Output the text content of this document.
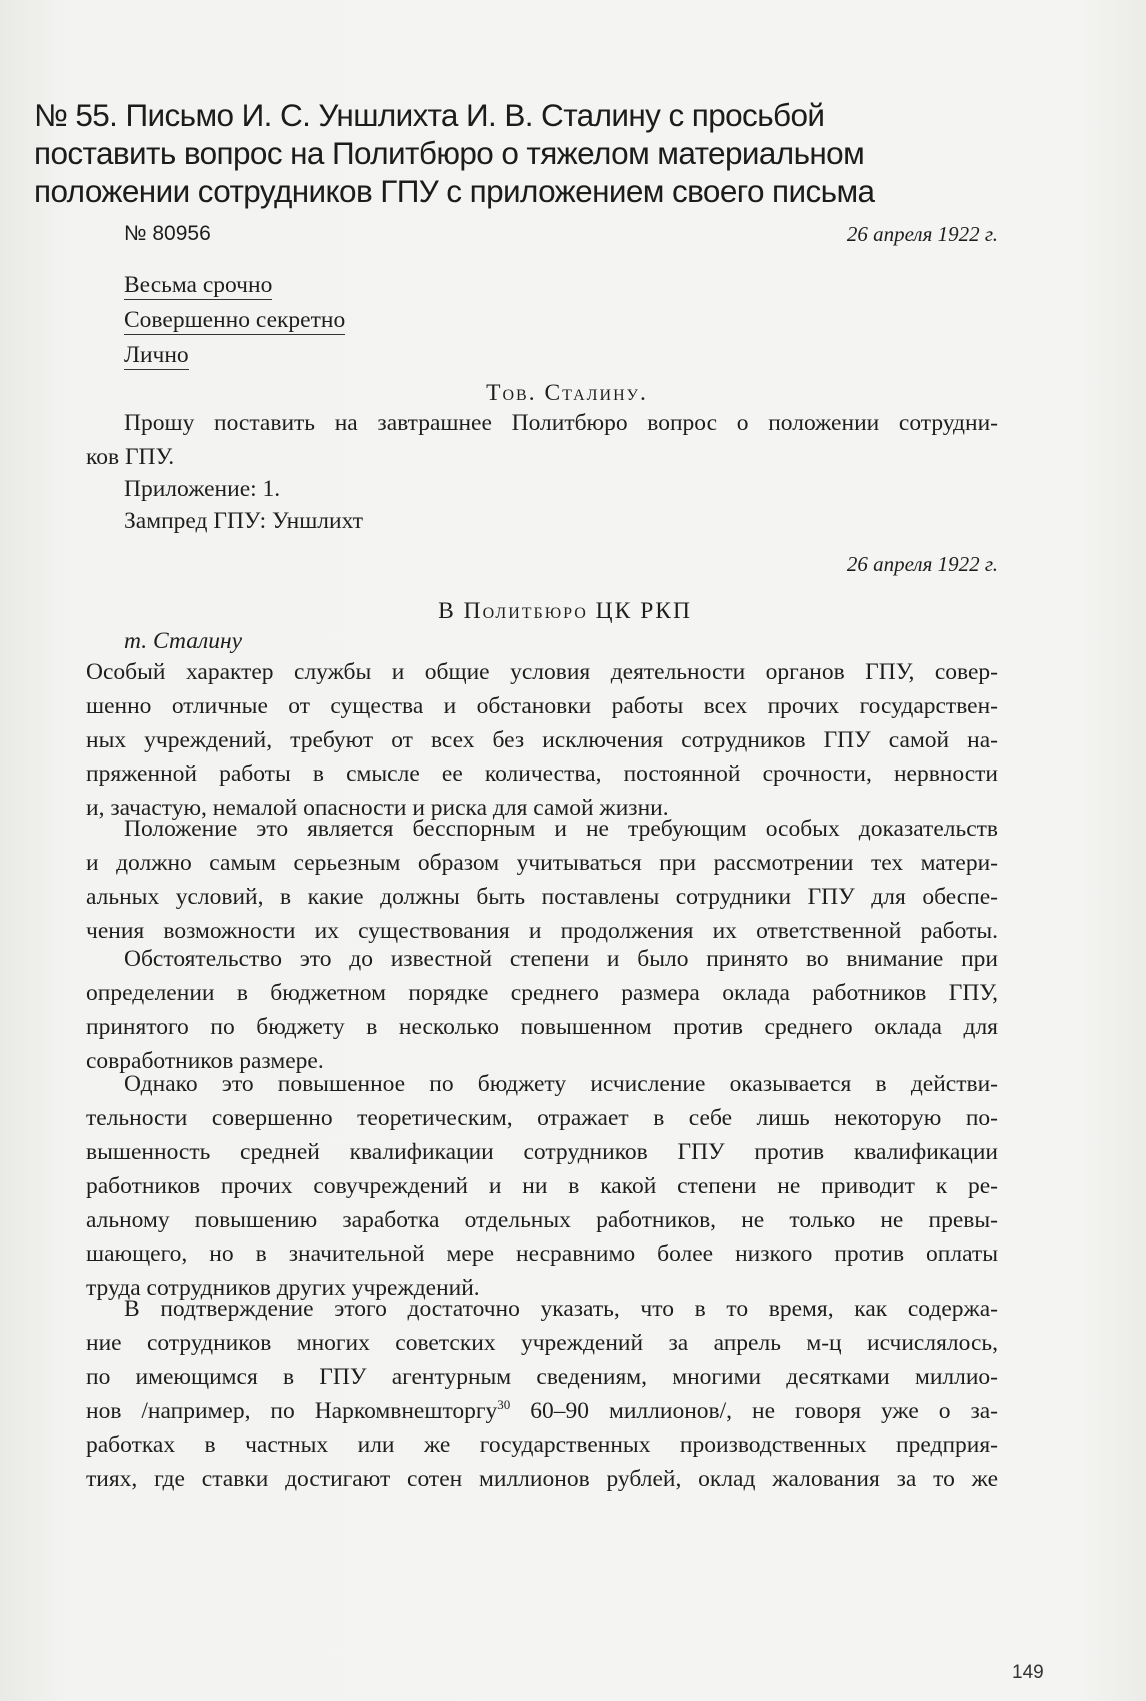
№ 55. Письмо И. С. Уншлихта И. В. Сталину с просьбой
поставить вопрос на Политбюро о тяжелом материальном
положении сотрудников ГПУ с приложением своего письма
№ 80956	26 апреля 1922 г.
Весьма срочно
Совершенно секретно
Лично
Тов. Сталину.

Прошу поставить на завтрашнее Политбюро вопрос о положении сотрудни-
ков ГПУ.

Приложение: 1.
Зампред ГПУ: Уншлихт
26 апреля 1922 г.
В Политбюро ЦК РКП
т. Сталину

Особый характер службы и общие условия деятельности органов ГПУ, совер-
шенно отличные от существа и обстановки работы всех прочих государствен-
ных учреждений, требуют от всех без исключения сотрудников ГПУ самой на-
пряженной работы в смысле ее количества, постоянной срочности, нервности
и, зачастую, немалой опасности и риска для самой жизни.

Положение это является бесспорным и не требующим особых доказательств
и должно самым серьезным образом учитываться при рассмотрении тех матери-
альных условий, в какие должны быть поставлены сотрудники ГПУ для обеспе-
чения возможности их существования и продолжения их ответственной работы.

Обстоятельство это до известной степени и было принято во внимание при
определении в бюджетном порядке среднего размера оклада работников ГПУ,
принятого по бюджету в несколько повышенном против среднего оклада для
совработников размере.

Однако это повышенное по бюджету исчисление оказывается в действи-
тельности совершенно теоретическим, отражает в себе лишь некоторую по-
вышенность средней квалификации сотрудников ГПУ против квалификации
работников прочих совучреждений и ни в какой степени не приводит к ре-
альному повышению заработка отдельных работников, не только не превы-
шающего, но в значительной мере несравнимо более низкого против оплаты
труда сотрудников других учреждений.

В подтверждение этого достаточно указать, что в то время, как содержа-
ние сотрудников многих советских учреждений за апрель м-ц исчислялось,
по имеющимся в ГПУ агентурным сведениям, многими десятками миллио-
нов /например, по Наркомвнешторгу$^{30}$ 60–90 миллионов/, не говоря уже о за-
работках в частных или же государственных производственных предприя-
тиях, где ставки достигают сотен миллионов рублей, оклад жалования за то же

149
